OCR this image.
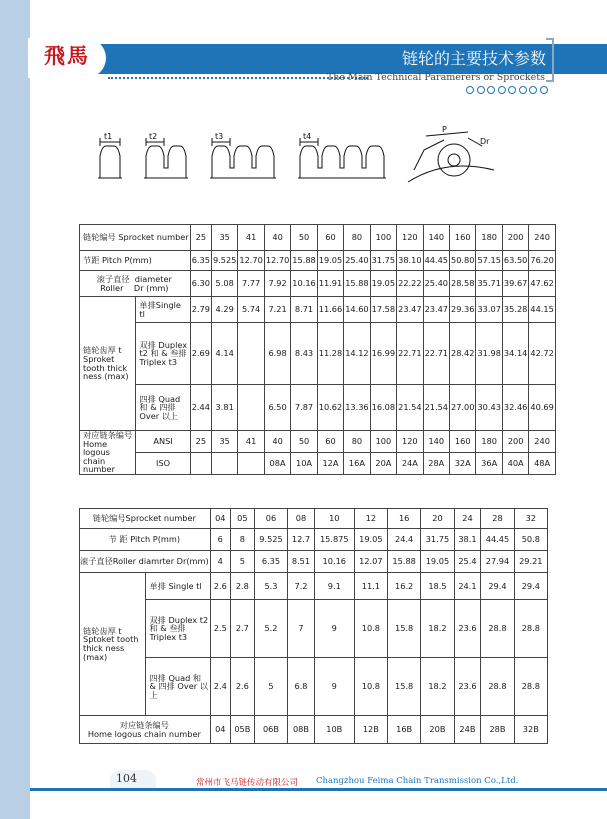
飛馬	链轮的主要技术参数
The Main Technical Paramerers or Sprockets
t1	t2	t3	t4
P
Dr
链轮编号 Sprocket number		25	35	41	40	50	60	80	100	120	140	160	180	200	240
节距 Pitch P(mm)		6.35	9.525	12.70	12.70	15.88	19.05	25.40	31.75	38.10	44.45	50.80	57.15	63.50	76.20
滚子直径 diameter
Roller Dr (mm)		6.30	5.08	7.77	7.92	10.16	11.91	15.88	19.05	22.22	25.40	28.58	35.71	39.67	47.62
链轮齿厚 t Sproket tooth thick ness (max)	单排Single tl	2.79	4.29	5.74	7.21	8.71	11.66	14.60	17.58	23.47	23.47	29.36	33.07	35.28	44.15
	双排 Duplex t2 和 & 叁排 Triplex t3	2.69	4.14		6.98	8.43	11.28	14.12	16.99	22.71	22.71	28.42	31.98	34.14	42.72
	四排 Quad 和 & 四排 Over 以上	2.44	3.81		6.50	7.87	10.62	13.36	16.08	21.54	21.54	27.00	30.43	32.46	40.69
对应链条编号 Home logous chain number	ANSI	25	35	41	40	50	60	80	100	120	140	160	180	200	240
	ISO				08A	10A	12A	16A	20A	24A	28A	32A	36A	40A	48A
链轮编号Sprocket number		04	05	06	08	10	12	16	20	24	28	32
节 距 Pitch P(mm)		6	8	9.525	12.7	15.875	19.05	24.4	31.75	38.1	44.45	50.8
滚子直径Roller diamrter Dr(mm)		4	5	6.35	8.51	10.16	12.07	15.88	19.05	25.4	27.94	29.21
链轮齿厚 t Sptoket tooth thick ness (max)	单排 Single tl	2.6	2.8	5.3	7.2	9.1	11.1	16.2	18.5	24.1	29.4	29.4
	双排 Duplex t2 和 & 叁排 Triplex t3	2.5	2.7	5.2	7	9	10.8	15.8	18.2	23.6	28.8	28.8
	四排 Quad 和 & 四排 Over 以上	2.4	2.6	5	6.8	9	10.8	15.8	18.2	23.6	28.8	28.8
对应链条编号
Home logous chain number		04	05B	06B	08B	10B	12B	16B	20B	24B	28B	32B
104	常州市飞马链传动有限公司 Changzhou Feima Chain Transmission Co.,Ltd.
